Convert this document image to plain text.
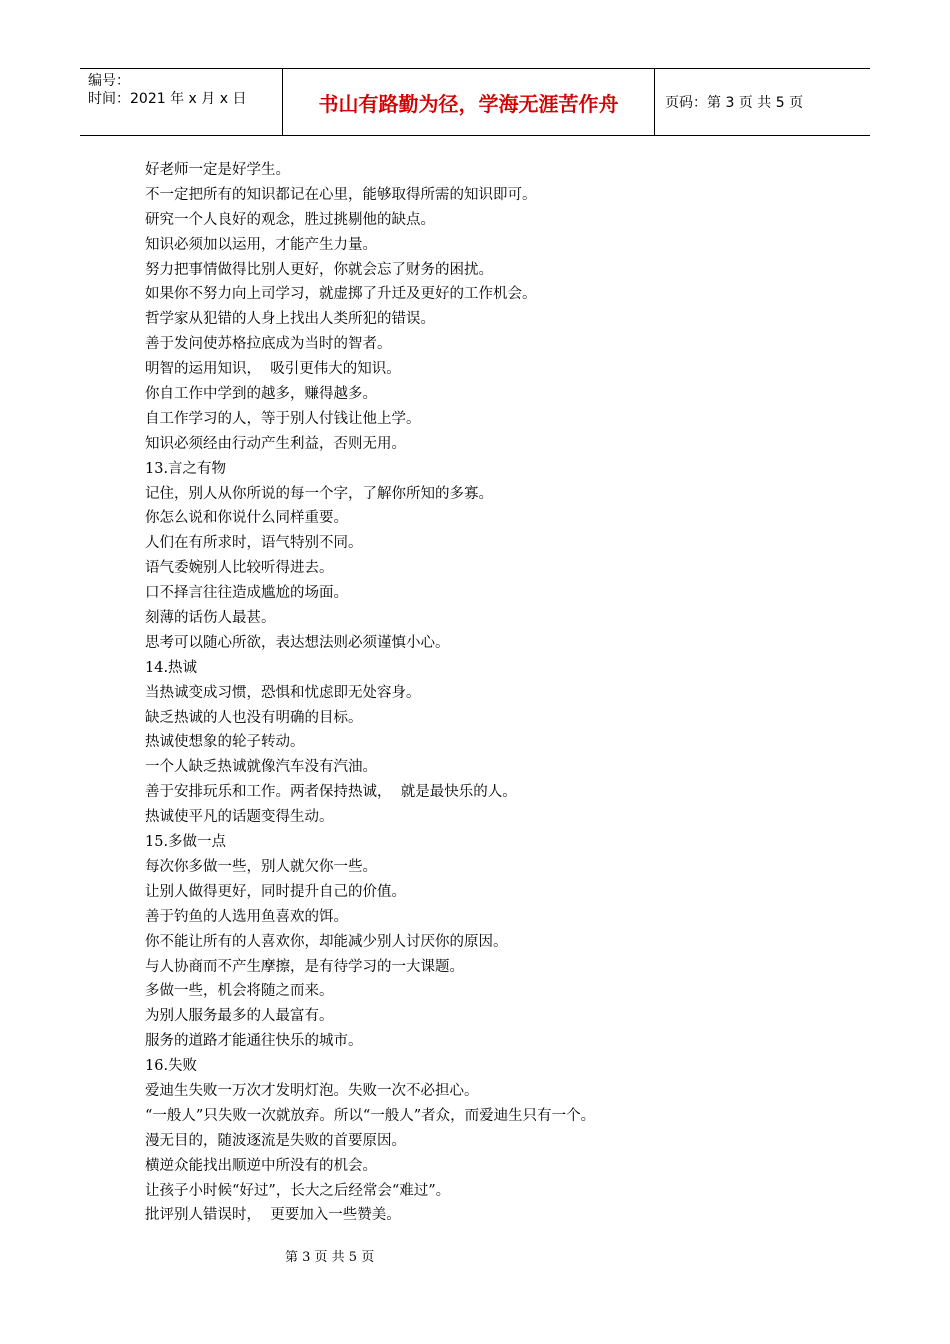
编号：
时间：2021 年 x 月 x 日	书山有路勤为径，学海无涯苦作舟	页码：第 3 页 共 5 页
好老师一定是好学生。
不一定把所有的知识都记在心里，能够取得所需的知识即可。
研究一个人良好的观念，胜过挑剔他的缺点。
知识必须加以运用，才能产生力量。
努力把事情做得比别人更好，你就会忘了财务的困扰。
如果你不努力向上司学习，就虚掷了升迁及更好的工作机会。
哲学家从犯错的人身上找出人类所犯的错误。
善于发问使苏格拉底成为当时的智者。
明智的运用知识，  吸引更伟大的知识。
你自工作中学到的越多，赚得越多。
自工作学习的人，等于别人付钱让他上学。
知识必须经由行动产生利益，否则无用。
13.言之有物
记住，别人从你所说的每一个字，了解你所知的多寡。
你怎么说和你说什么同样重要。
人们在有所求时，语气特别不同。
语气委婉别人比较听得进去。
口不择言往往造成尴尬的场面。
刻薄的话伤人最甚。
思考可以随心所欲，表达想法则必须谨慎小心。
14.热诚
当热诚变成习惯，恐惧和忧虑即无处容身。
缺乏热诚的人也没有明确的目标。
热诚使想象的轮子转动。
一个人缺乏热诚就像汽车没有汽油。
善于安排玩乐和工作。两者保持热诚，  就是最快乐的人。
热诚使平凡的话题变得生动。
15.多做一点
每次你多做一些，别人就欠你一些。
让别人做得更好，同时提升自己的价值。
善于钓鱼的人选用鱼喜欢的饵。
你不能让所有的人喜欢你，却能减少别人讨厌你的原因。
与人协商而不产生摩擦，是有待学习的一大课题。
多做一些，机会将随之而来。
为别人服务最多的人最富有。
服务的道路才能通往快乐的城市。
16.失败
爱迪生失败一万次才发明灯泡。失败一次不必担心。
“一般人”只失败一次就放弃。所以“一般人”者众，而爱迪生只有一个。
漫无目的，随波逐流是失败的首要原因。
横逆众能找出顺逆中所没有的机会。
让孩子小时候“好过”，长大之后经常会“难过”。
批评别人错误时，  更要加入一些赞美。
第 3 页 共 5 页
